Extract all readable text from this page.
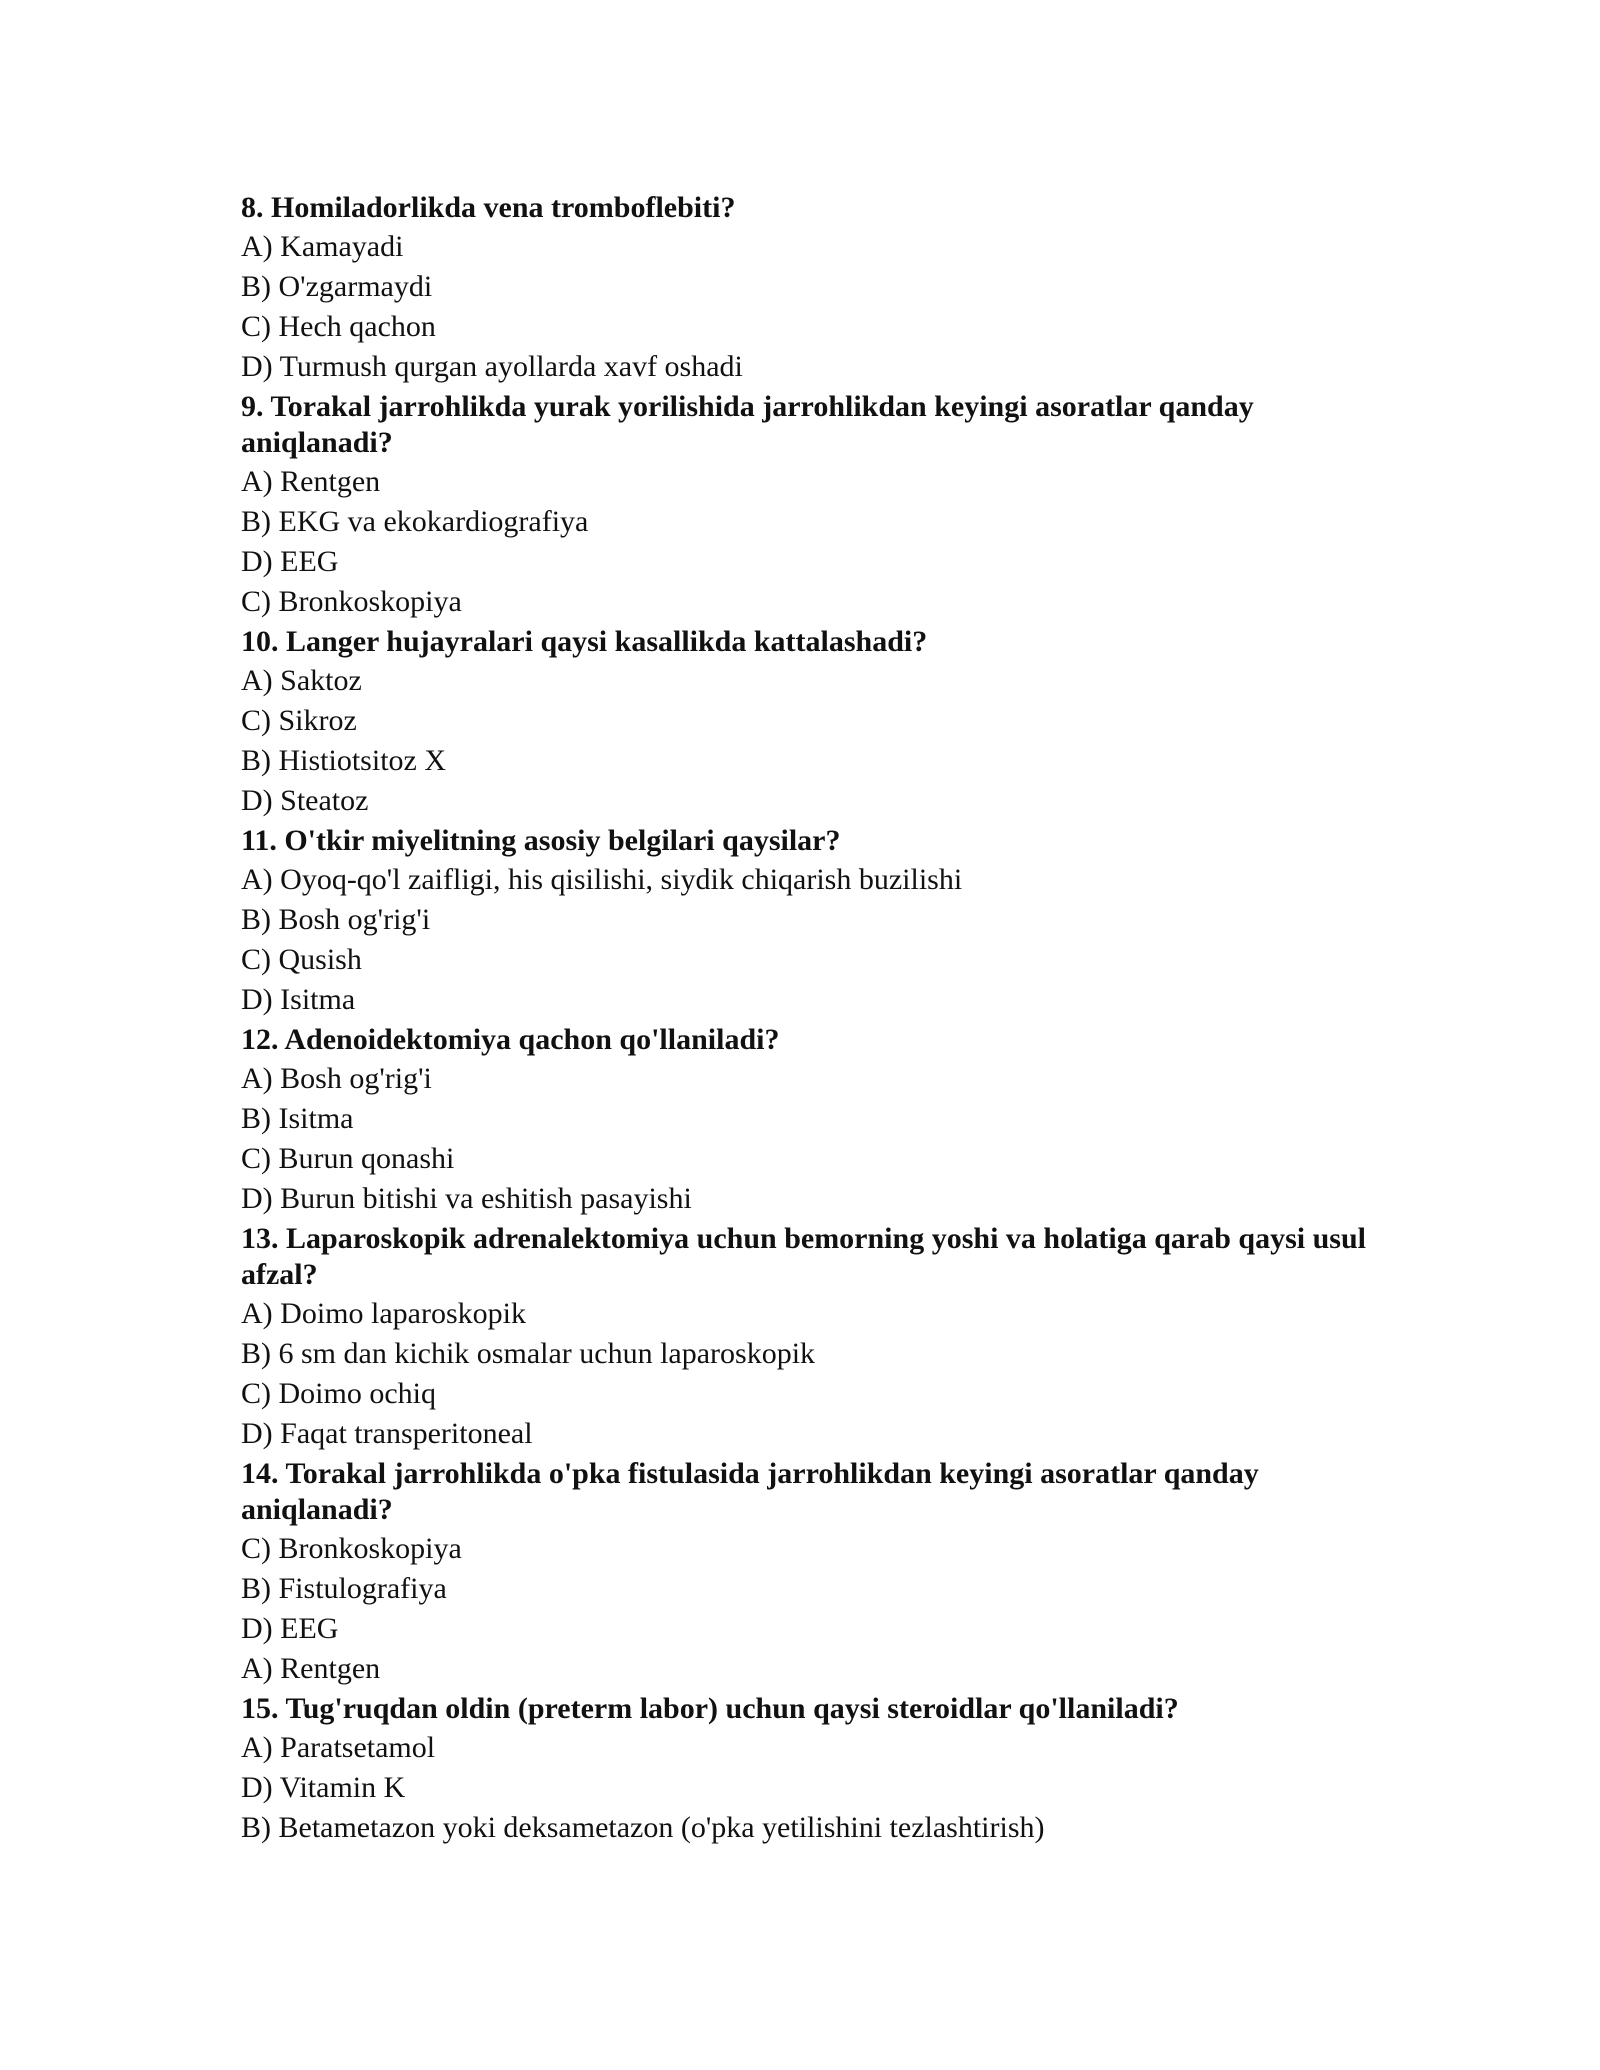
8. Homiladorlikda vena tromboflebiti?

A) Kamayadi

B) O'zgarmaydi

C) Hech qachon

D) Turmush qurgan ayollarda xavf oshadi

9. Torakal jarrohlikda yurak yorilishida jarrohlikdan keyingi asoratlar qanday aniqlanadi?

A) Rentgen

B) EKG va ekokardiografiya

D) EEG

C) Bronkoskopiya

10. Langer hujayralari qaysi kasallikda kattalashadi?

A) Saktoz

C) Sikroz

B) Histiotsitoz X

D) Steatoz

11. O'tkir miyelitning asosiy belgilari qaysilar?

A) Oyoq-qo'l zaifligi, his qisilishi, siydik chiqarish buzilishi

B) Bosh og'rig'i

C) Qusish

D) Isitma

12. Adenoidektomiya qachon qo'llaniladi?

A) Bosh og'rig'i

B) Isitma

C) Burun qonashi

D) Burun bitishi va eshitish pasayishi

13. Laparoskopik adrenalektomiya uchun bemorning yoshi va holatiga qarab qaysi usul afzal?

A) Doimo laparoskopik

B) 6 sm dan kichik osmalar uchun laparoskopik

C) Doimo ochiq

D) Faqat transperitoneal

14. Torakal jarrohlikda o'pka fistulasida jarrohlikdan keyingi asoratlar qanday aniqlanadi?

C) Bronkoskopiya

B) Fistulografiya

D) EEG

A) Rentgen

15. Tug'ruqdan oldin (preterm labor) uchun qaysi steroidlar qo'llaniladi?

A) Paratsetamol

D) Vitamin K

B) Betametazon yoki deksametazon (o'pka yetilishini tezlashtirish)
